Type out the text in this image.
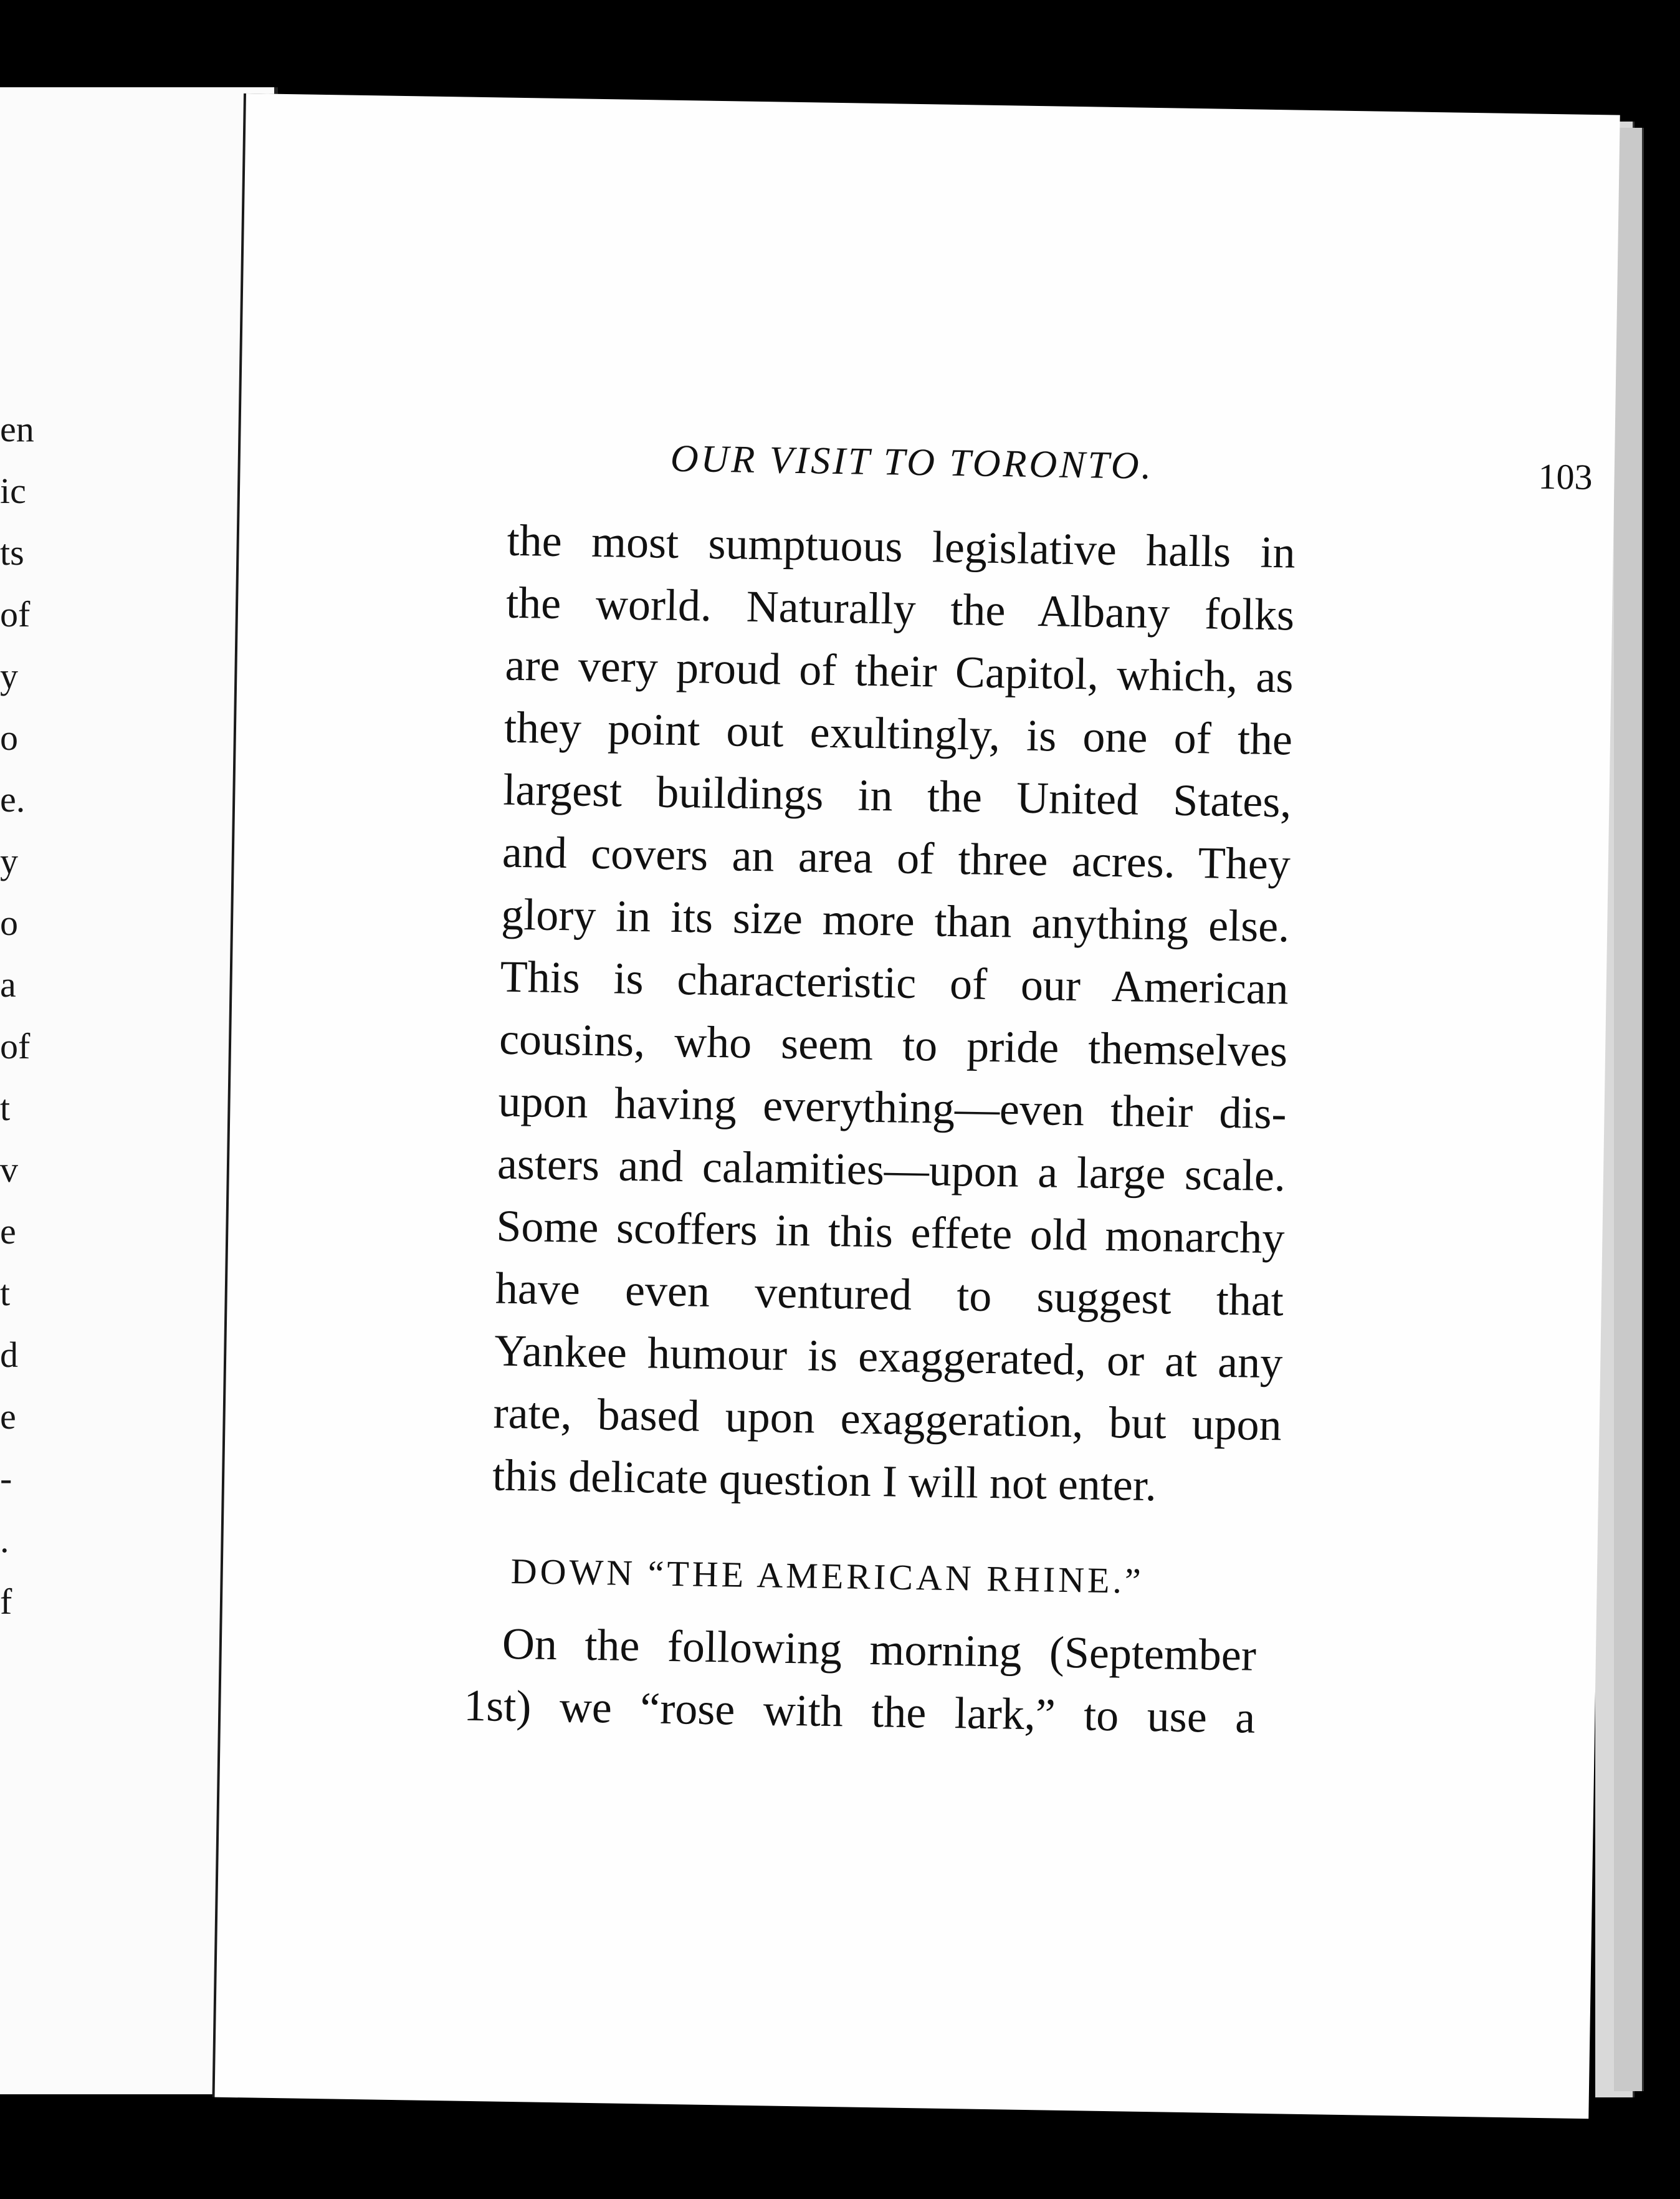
en
ic
ts
of
y
o
e.
y
o
a
of
t
v
e
t
d
e
-
.
f
OUR VISIT TO TORONTO.	103
the most sumptuous legislative halls in
the world. Naturally the Albany folks
are very proud of their Capitol, which, as
they point out exultingly, is one of the
largest buildings in the United States,
and covers an area of three acres. They
glory in its size more than anything else.
This is characteristic of our American
cousins, who seem to pride themselves
upon having everything—even their dis-
asters and calamities—upon a large scale.
Some scoffers in this effete old monarchy
have even ventured to suggest that
Yankee humour is exaggerated, or at any
rate, based upon exaggeration, but upon
this delicate question I will not enter.
DOWN “THE AMERICAN RHINE.”
On the following morning (September
1st) we “rose with the lark,” to use a
